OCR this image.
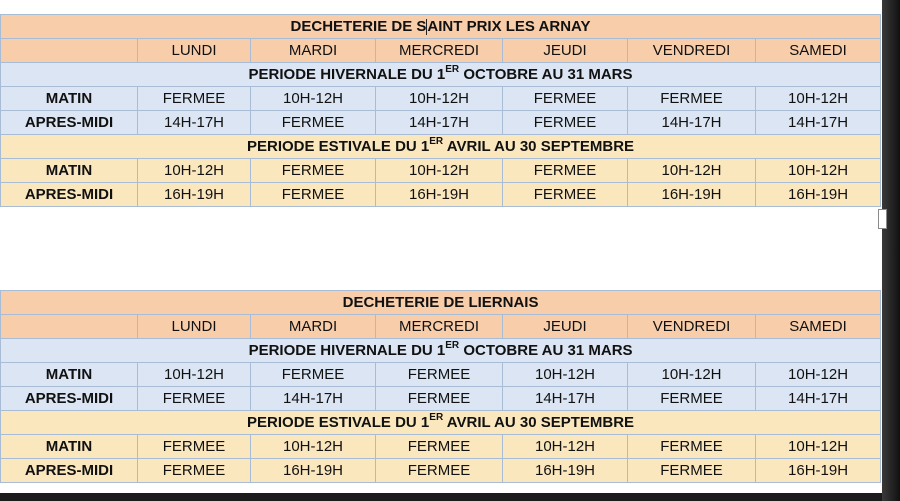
DECHETERIE DE SAINT PRIX LES ARNAY						
	LUNDI	MARDI	MERCREDI	JEUDI	VENDREDI	SAMEDI
PERIODE HIVERNALE DU 1ER OCTOBRE AU 31 MARS						
MATIN	FERMEE	10H-12H	10H-12H	FERMEE	FERMEE	10H-12H
APRES-MIDI	14H-17H	FERMEE	14H-17H	FERMEE	14H-17H	14H-17H
PERIODE ESTIVALE DU 1ER AVRIL AU 30 SEPTEMBRE						
MATIN	10H-12H	FERMEE	10H-12H	FERMEE	10H-12H	10H-12H
APRES-MIDI	16H-19H	FERMEE	16H-19H	FERMEE	16H-19H	16H-19H
DECHETERIE DE LIERNAIS						
	LUNDI	MARDI	MERCREDI	JEUDI	VENDREDI	SAMEDI
PERIODE HIVERNALE DU 1ER OCTOBRE AU 31 MARS						
MATIN	10H-12H	FERMEE	FERMEE	10H-12H	10H-12H	10H-12H
APRES-MIDI	FERMEE	14H-17H	FERMEE	14H-17H	FERMEE	14H-17H
PERIODE ESTIVALE DU 1ER AVRIL AU 30 SEPTEMBRE						
MATIN	FERMEE	10H-12H	FERMEE	10H-12H	FERMEE	10H-12H
APRES-MIDI	FERMEE	16H-19H	FERMEE	16H-19H	FERMEE	16H-19H
